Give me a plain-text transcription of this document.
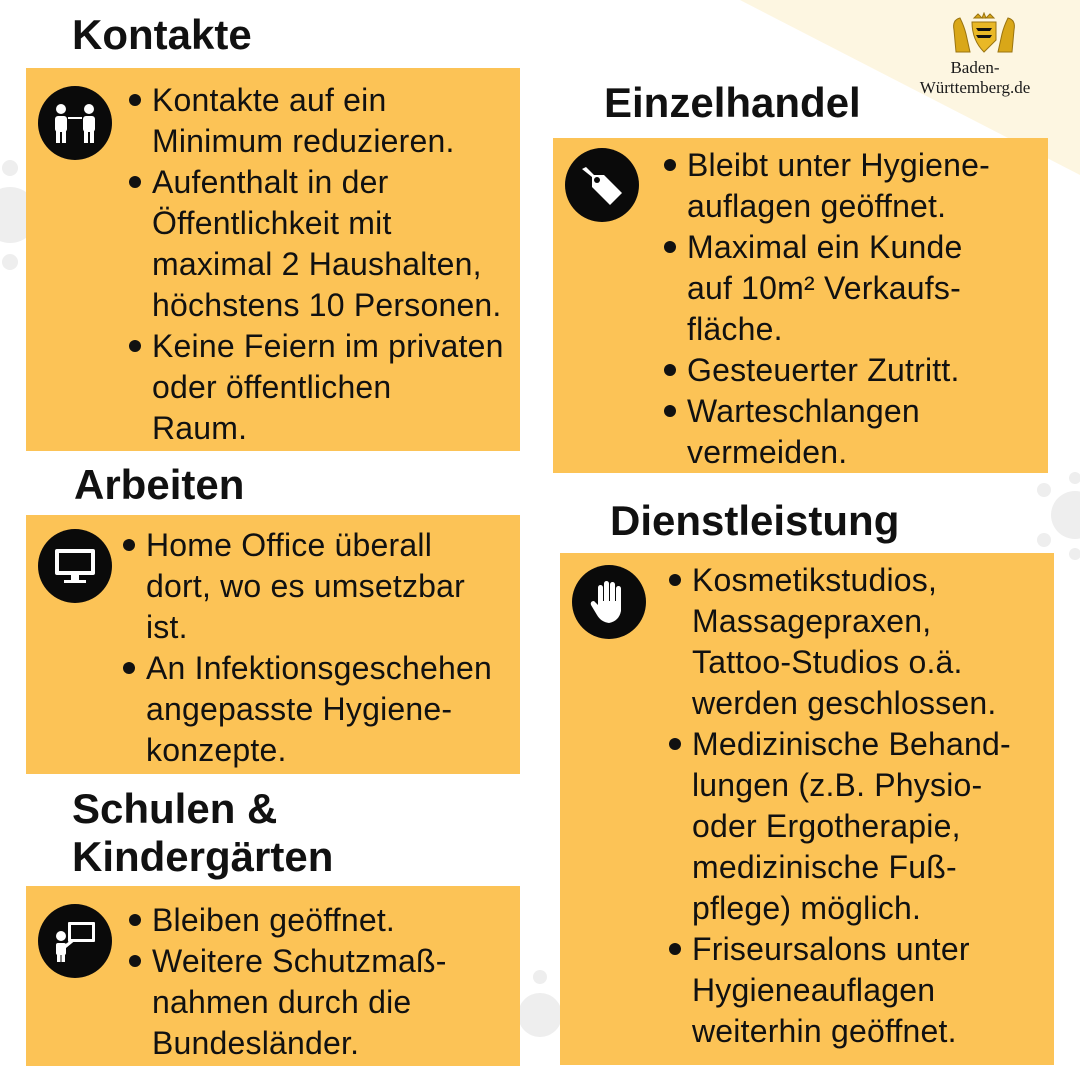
Baden-Württemberg.de
Kontakte
Kontakte auf ein
Minimum reduzieren.
Aufenthalt in der
Öffentlichkeit mit
maximal 2 Haushalten,
höchstens 10 Personen.
Keine Feiern im privaten
oder öffentlichen
Raum.
Arbeiten
Home Office überall
dort, wo es umsetzbar
ist.
An Infektionsgeschehen
angepasste Hygiene-
konzepte.
Schulen &
Kindergärten
Bleiben geöffnet.
Weitere Schutzmaß-
nahmen durch die
Bundesländer.
Einzelhandel
Bleibt unter Hygiene-
auflagen geöffnet.
Maximal ein Kunde
auf 10m² Verkaufs-
fläche.
Gesteuerter Zutritt.
Warteschlangen
vermeiden.
Dienstleistung
Kosmetikstudios,
Massagepraxen,
Tattoo-Studios o.ä.
werden geschlossen.
Medizinische Behand-
lungen (z.B. Physio-
oder Ergotherapie,
medizinische Fuß-
pflege) möglich.
Friseursalons unter
Hygieneauflagen
weiterhin geöffnet.
